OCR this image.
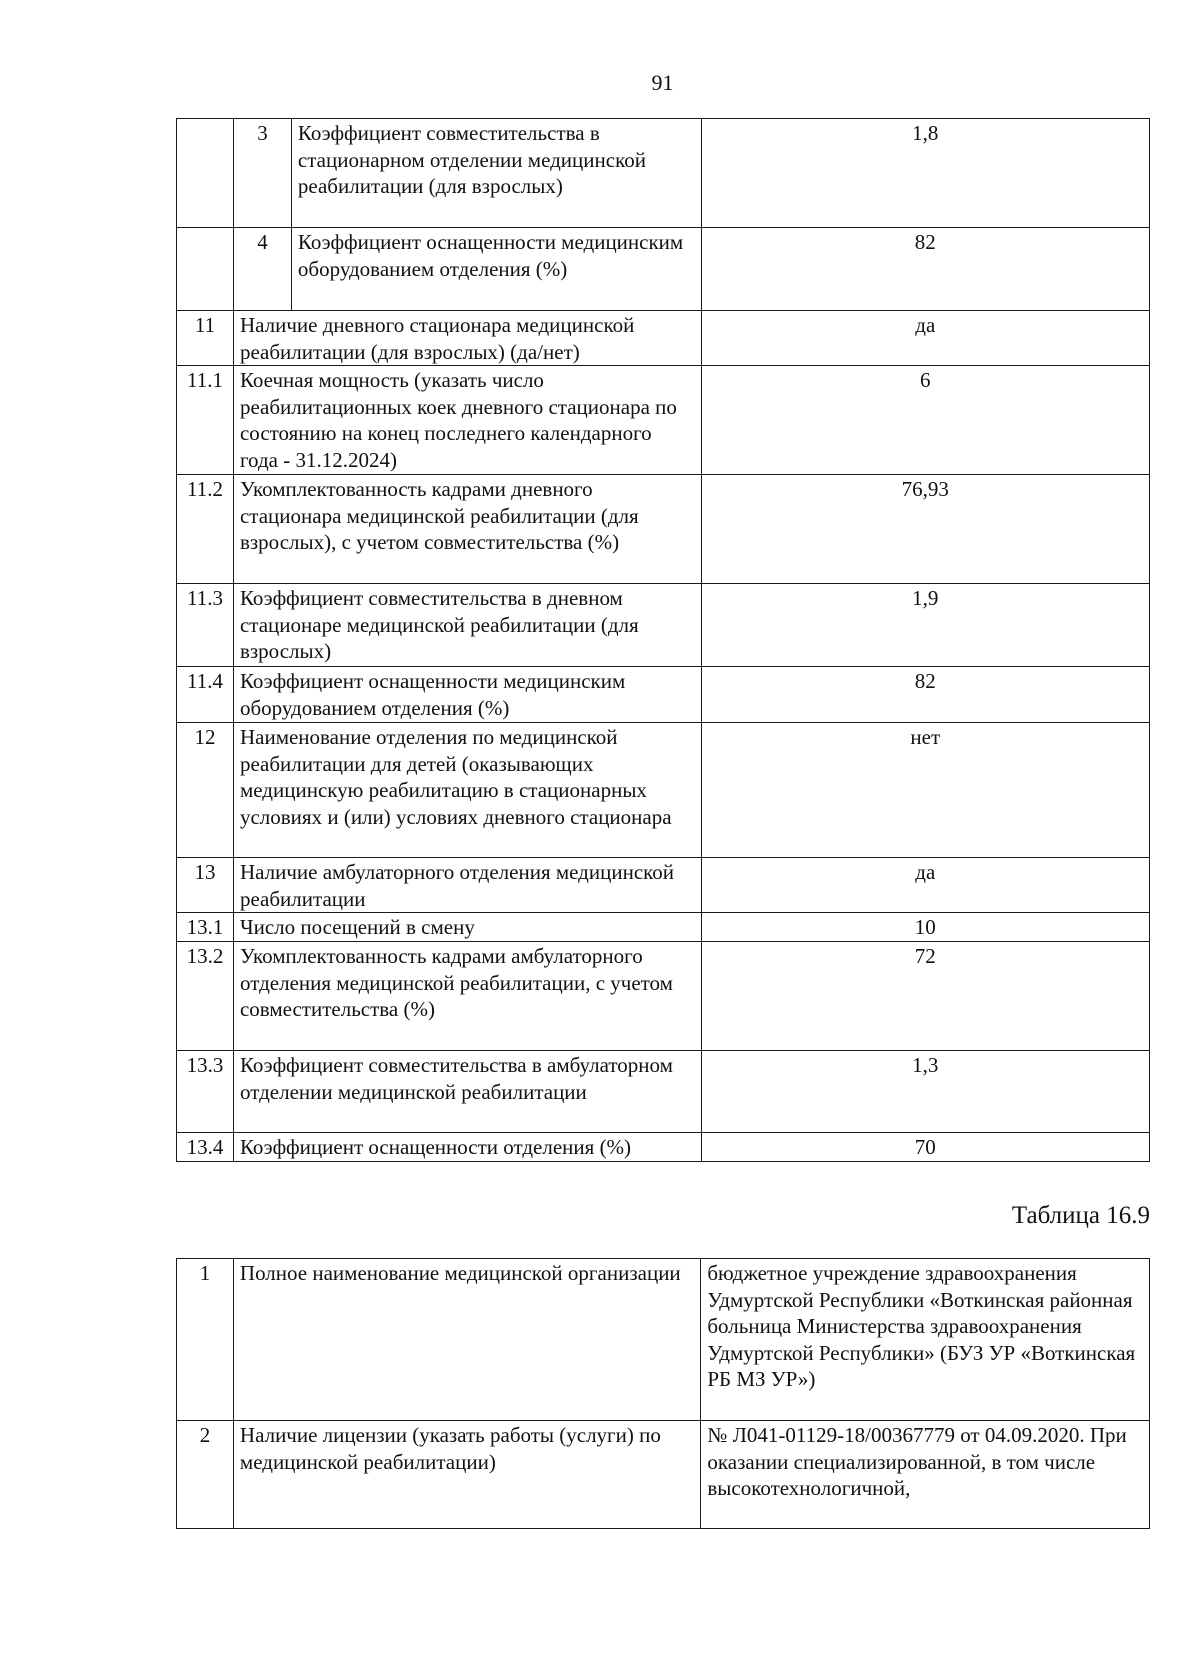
91
	3	Коэффициент совместительства в стационарном отделении медицинской реабилитации (для взрослых)	1,8
	4	Коэффициент оснащенности медицинским оборудованием отделения (%)	82
11	Наличие дневного стационара медицинской реабилитации (для взрослых) (да/нет)		да
11.1	Коечная мощность (указать число реабилитационных коек дневного стационара по состоянию на конец последнего календарного года - 31.12.2024)		6
11.2	Укомплектованность кадрами дневного стационара медицинской реабилитации (для взрослых), с учетом совместительства (%)		76,93
11.3	Коэффициент совместительства в дневном стационаре медицинской реабилитации (для взрослых)		1,9
11.4	Коэффициент оснащенности медицинским оборудованием отделения (%)		82
12	Наименование отделения по медицинской реабилитации для детей (оказывающих медицинскую реабилитацию в стационарных условиях и (или) условиях дневного стационара		нет
13	Наличие амбулаторного отделения медицинской реабилитации		да
13.1	Число посещений в смену		10
13.2	Укомплектованность кадрами амбулаторного отделения медицинской реабилитации, с учетом совместительства (%)		72
13.3	Коэффициент совместительства в амбулаторном отделении медицинской реабилитации		1,3
13.4	Коэффициент оснащенности отделения (%)		70
Таблица 16.9
1	Полное наименование медицинской организации	бюджетное учреждение здравоохранения Удмуртской Республики «Воткинская районная больница Министерства здравоохранения Удмуртской Республики» (БУЗ УР «Воткинская РБ МЗ УР»)
2	Наличие лицензии (указать работы (услуги) по медицинской реабилитации)	№ Л041-01129-18/00367779 от 04.09.2020. При оказании специализированной, в том числе высокотехнологичной,
